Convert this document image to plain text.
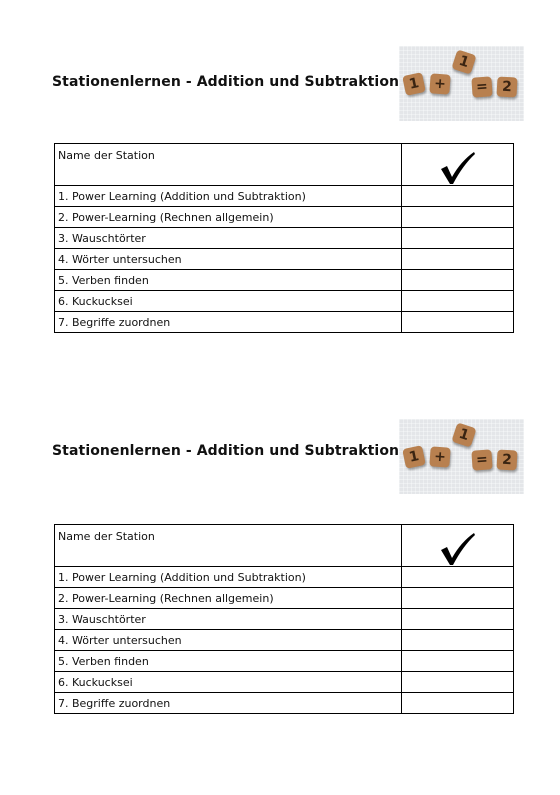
Stationenlernen - Addition und Subtraktion 1 +
1
= 2
Name der Station	

1. Power Learning (Addition und Subtraktion)	
2. Power-Learning (Rechnen allgemein)	
3. Wauschtörter	
4. Wörter untersuchen	
5. Verben finden	
6. Kuckucksei	
7. Begriffe zuordnen	
Stationenlernen - Addition und Subtraktion 1 +
1
= 2
Name der Station	

1. Power Learning (Addition und Subtraktion)	
2. Power-Learning (Rechnen allgemein)	
3. Wauschtörter	
4. Wörter untersuchen	
5. Verben finden	
6. Kuckucksei	
7. Begriffe zuordnen	
